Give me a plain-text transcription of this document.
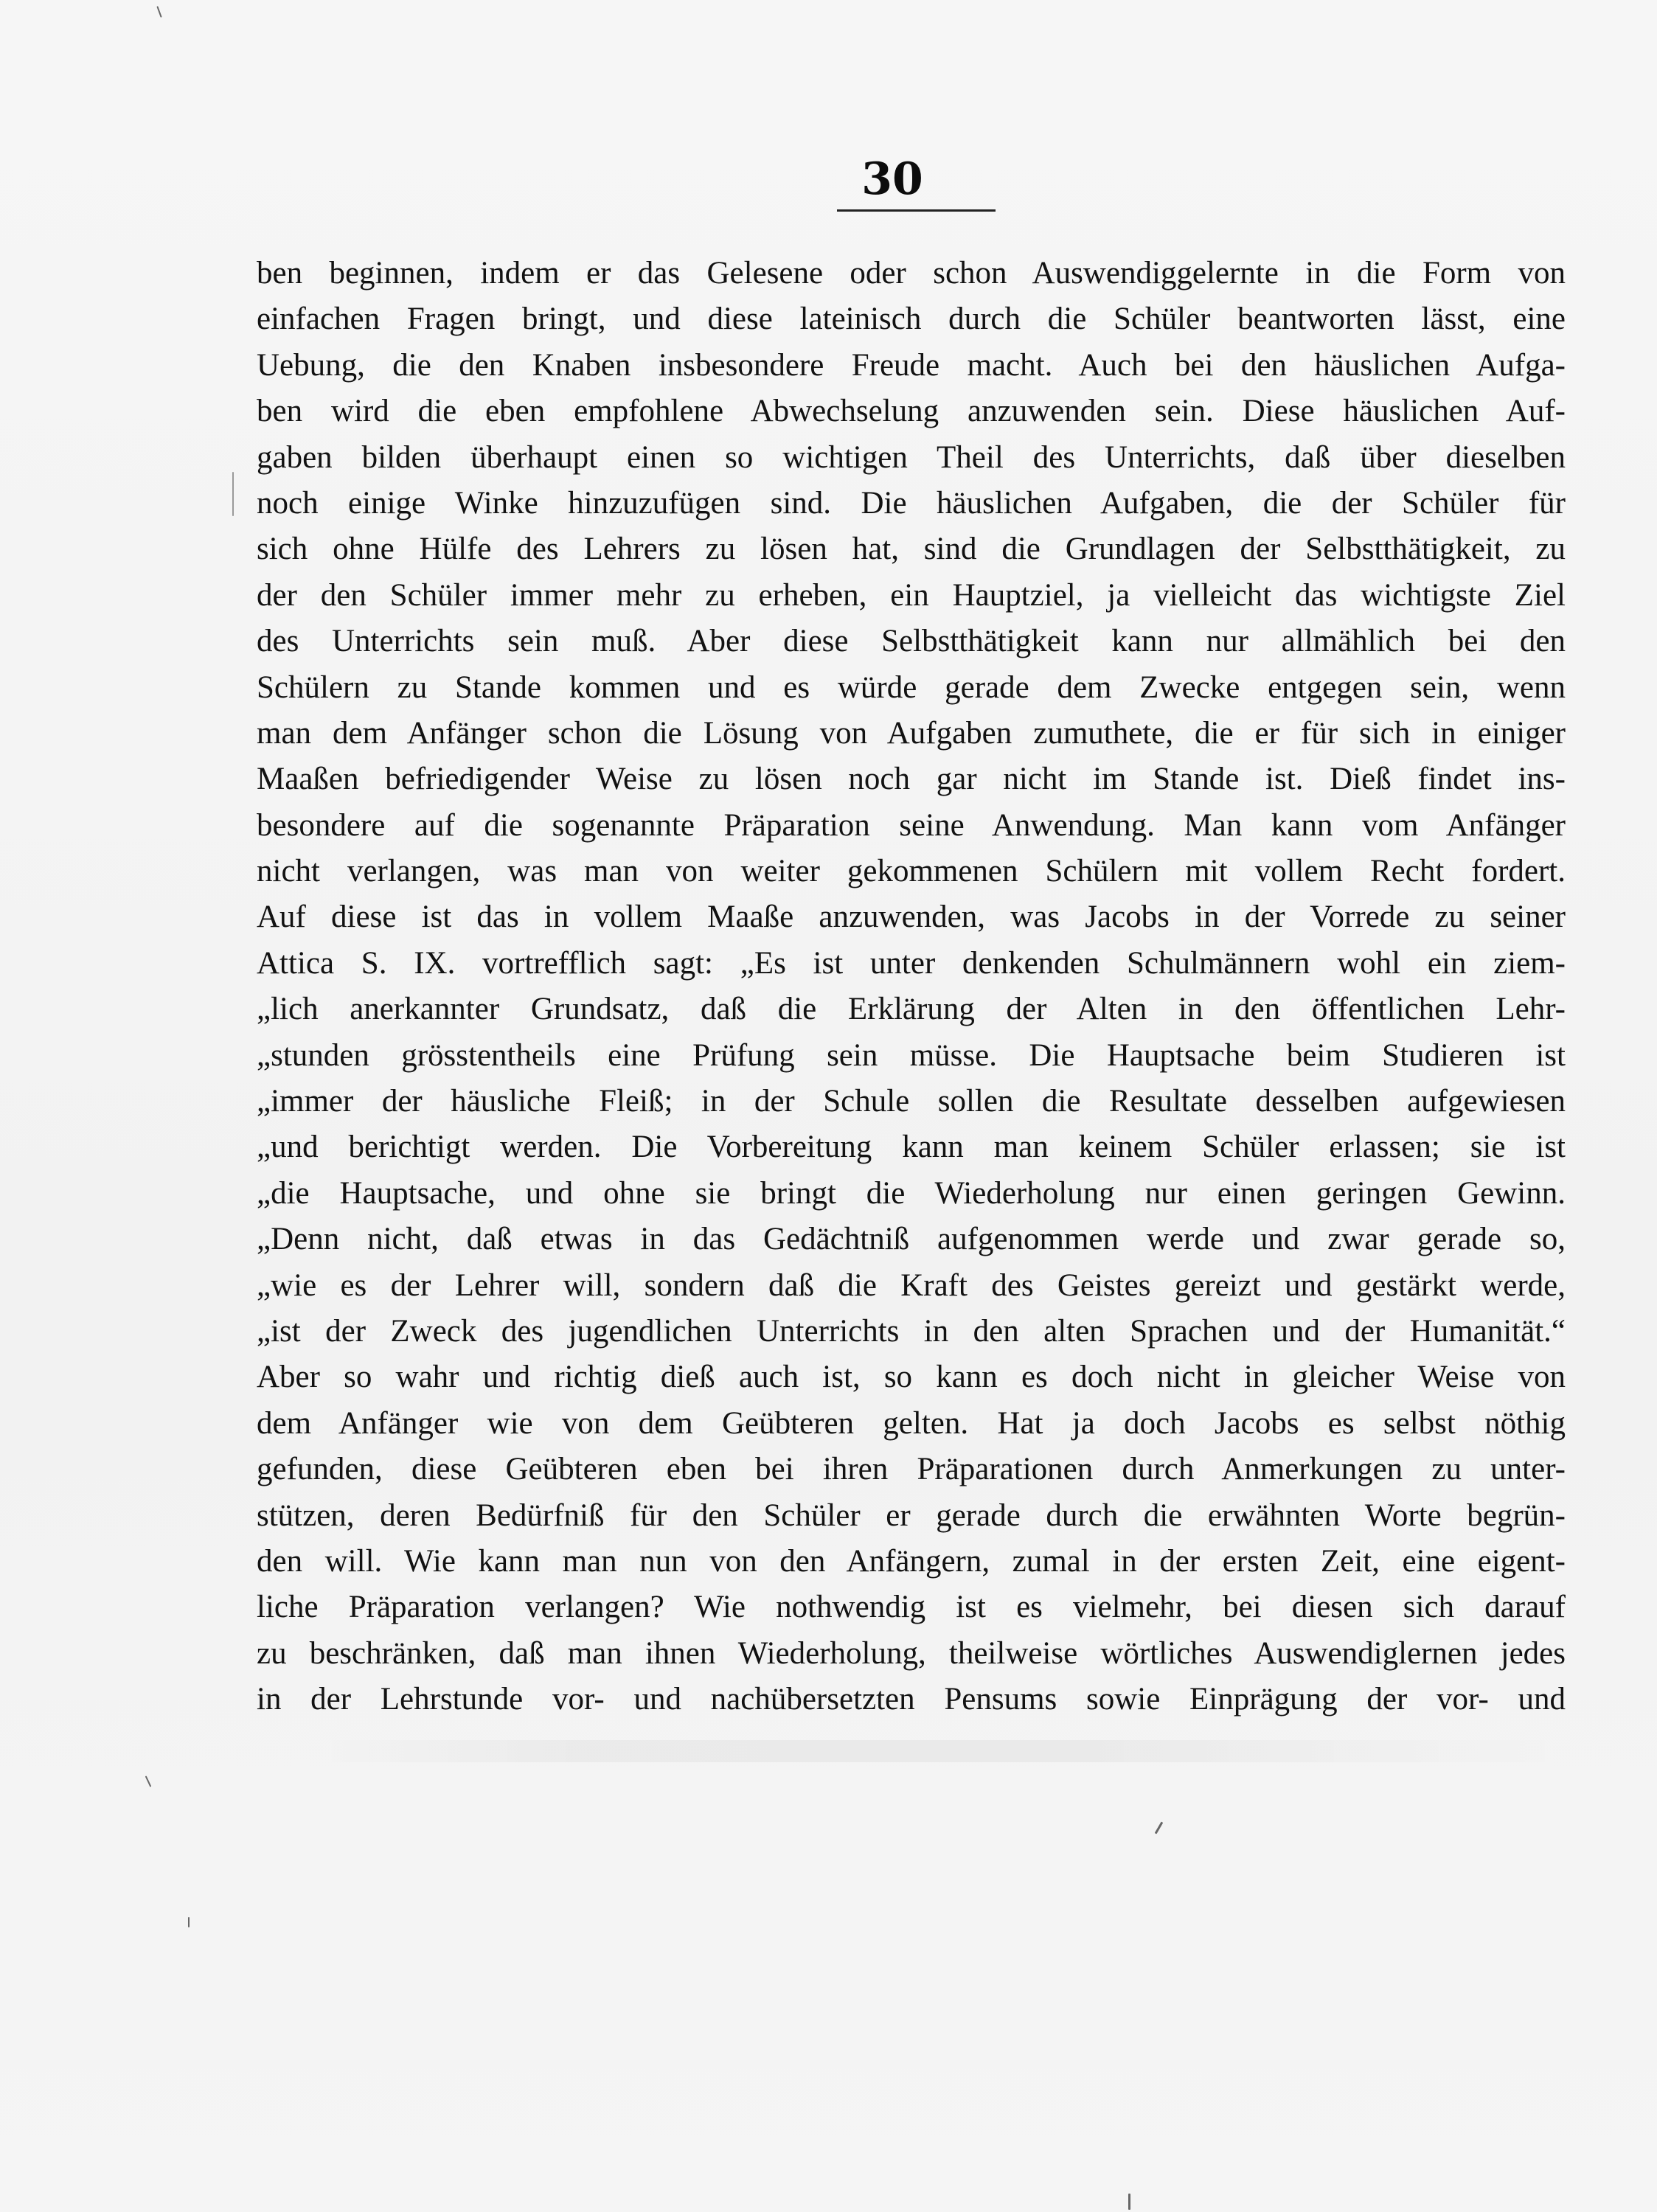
30
ben beginnen, indem er das Gelesene oder schon Auswendiggelernte in die Form von
einfachen Fragen bringt, und diese lateinisch durch die Schüler beantworten lässt, eine
Uebung, die den Knaben insbesondere Freude macht. Auch bei den häuslichen Aufga-
ben wird die eben empfohlene Abwechselung anzuwenden sein. Diese häuslichen Auf-
gaben bilden überhaupt einen so wichtigen Theil des Unterrichts, daß über dieselben
noch einige Winke hinzuzufügen sind. Die häuslichen Aufgaben, die der Schüler für
sich ohne Hülfe des Lehrers zu lösen hat, sind die Grundlagen der Selbstthätigkeit, zu
der den Schüler immer mehr zu erheben, ein Hauptziel, ja vielleicht das wichtigste Ziel
des Unterrichts sein muß. Aber diese Selbstthätigkeit kann nur allmählich bei den
Schülern zu Stande kommen und es würde gerade dem Zwecke entgegen sein, wenn
man dem Anfänger schon die Lösung von Aufgaben zumuthete, die er für sich in einiger
Maaßen befriedigender Weise zu lösen noch gar nicht im Stande ist. Dieß findet ins-
besondere auf die sogenannte Präparation seine Anwendung. Man kann vom Anfänger
nicht verlangen, was man von weiter gekommenen Schülern mit vollem Recht fordert.
Auf diese ist das in vollem Maaße anzuwenden, was Jacobs in der Vorrede zu seiner
Attica S. IX. vortrefflich sagt: „Es ist unter denkenden Schulmännern wohl ein ziem-
„lich anerkannter Grundsatz, daß die Erklärung der Alten in den öffentlichen Lehr-
„stunden grösstentheils eine Prüfung sein müsse. Die Hauptsache beim Studieren ist
„immer der häusliche Fleiß; in der Schule sollen die Resultate desselben aufgewiesen
„und berichtigt werden. Die Vorbereitung kann man keinem Schüler erlassen; sie ist
„die Hauptsache, und ohne sie bringt die Wiederholung nur einen geringen Gewinn.
„Denn nicht, daß etwas in das Gedächtniß aufgenommen werde und zwar gerade so,
„wie es der Lehrer will, sondern daß die Kraft des Geistes gereizt und gestärkt werde,
„ist der Zweck des jugendlichen Unterrichts in den alten Sprachen und der Humanität.“
Aber so wahr und richtig dieß auch ist, so kann es doch nicht in gleicher Weise von
dem Anfänger wie von dem Geübteren gelten. Hat ja doch Jacobs es selbst nöthig
gefunden, diese Geübteren eben bei ihren Präparationen durch Anmerkungen zu unter-
stützen, deren Bedürfniß für den Schüler er gerade durch die erwähnten Worte begrün-
den will. Wie kann man nun von den Anfängern, zumal in der ersten Zeit, eine eigent-
liche Präparation verlangen? Wie nothwendig ist es vielmehr, bei diesen sich darauf
zu beschränken, daß man ihnen Wiederholung, theilweise wörtliches Auswendiglernen jedes
in der Lehrstunde vor- und nachübersetzten Pensums sowie Einprägung der vor- und
